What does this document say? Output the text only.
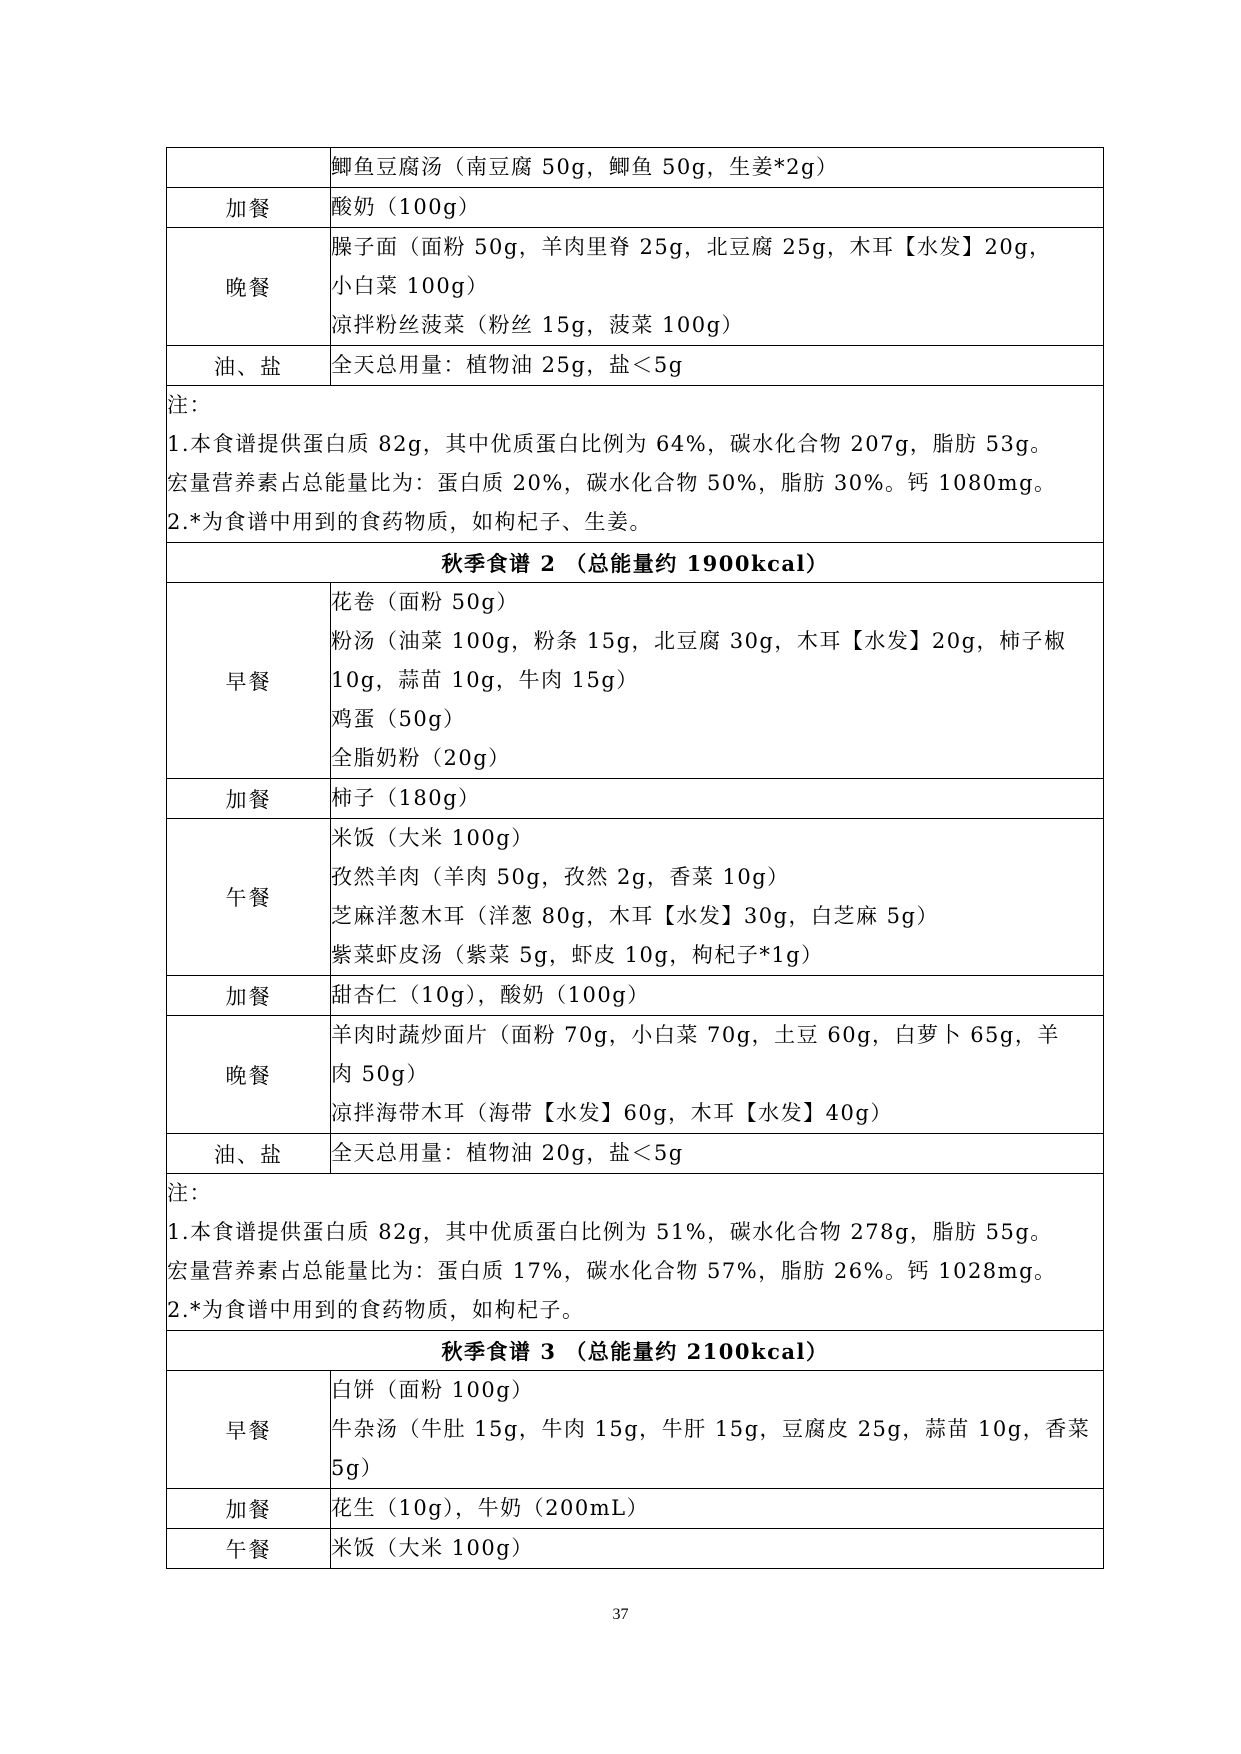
	鲫鱼豆腐汤（南豆腐 50g，鲫鱼 50g，生姜*2g）

加餐	酸奶（100g）

晚餐	臊子面（面粉 50g，羊肉里脊 25g，北豆腐 25g，木耳【水发】20g，
小白菜 100g）
凉拌粉丝菠菜（粉丝 15g，菠菜 100g）

油、盐	全天总用量：植物油 25g，盐＜5g

注：
1.本食谱提供蛋白质 82g，其中优质蛋白比例为 64%，碳水化合物 207g，脂肪 53g。
宏量营养素占总能量比为：蛋白质 20%，碳水化合物 50%，脂肪 30%。钙 1080mg。
2.*为食谱中用到的食药物质，如枸杞子、生姜。	

秋季食谱 2 （总能量约 1900kcal）	
早餐	花卷（面粉 50g）
粉汤（油菜 100g，粉条 15g，北豆腐 30g，木耳【水发】20g，柿子椒
10g，蒜苗 10g，牛肉 15g）
鸡蛋（50g）
全脂奶粉（20g）

加餐	柿子（180g）

午餐	米饭（大米 100g）
孜然羊肉（羊肉 50g，孜然 2g，香菜 10g）
芝麻洋葱木耳（洋葱 80g，木耳【水发】30g，白芝麻 5g）
紫菜虾皮汤（紫菜 5g，虾皮 10g，枸杞子*1g）

加餐	甜杏仁（10g），酸奶（100g）

晚餐	羊肉时蔬炒面片（面粉 70g，小白菜 70g，土豆 60g，白萝卜 65g，羊
肉 50g）
凉拌海带木耳（海带【水发】60g，木耳【水发】40g）

油、盐	全天总用量：植物油 20g，盐＜5g

注：
1.本食谱提供蛋白质 82g，其中优质蛋白比例为 51%，碳水化合物 278g，脂肪 55g。
宏量营养素占总能量比为：蛋白质 17%，碳水化合物 57%，脂肪 26%。钙 1028mg。
2.*为食谱中用到的食药物质，如枸杞子。	

秋季食谱 3 （总能量约 2100kcal）	
早餐	白饼（面粉 100g）
牛杂汤（牛肚 15g，牛肉 15g，牛肝 15g，豆腐皮 25g，蒜苗 10g，香菜
5g）

加餐	花生（10g），牛奶（200mL）

午餐	米饭（大米 100g）
37
